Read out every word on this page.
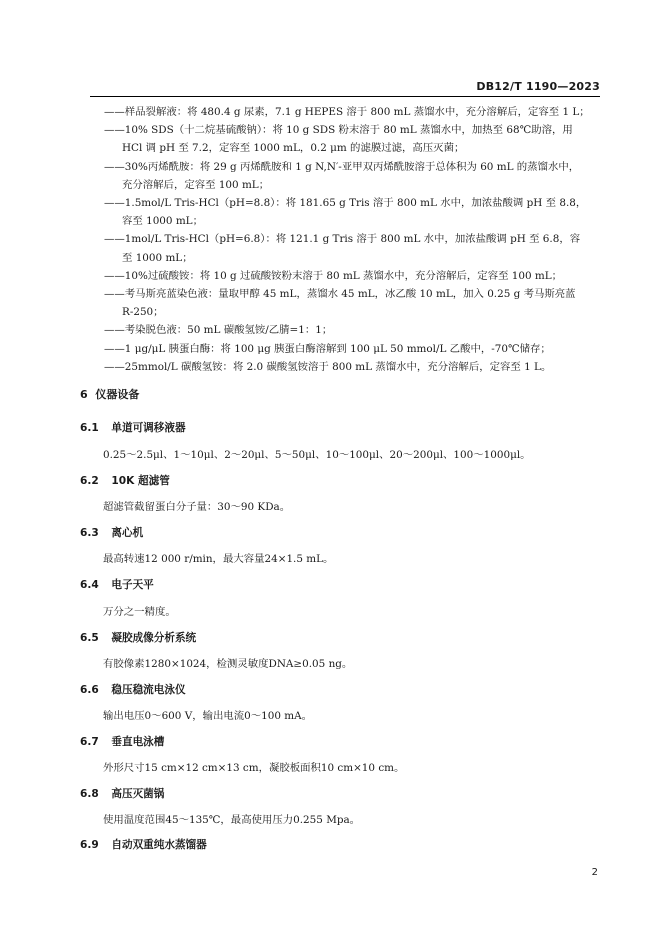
DB12/T 1190—2023

——样品裂解液：将 480.4 g 尿素，7.1 g HEPES 溶于 800 mL 蒸馏水中，充分溶解后，定容至 1 L；

——10% SDS（十二烷基硫酸钠）：将 10 g SDS 粉末溶于 80 mL 蒸馏水中，加热至 68℃助溶，用
HCl 调 pH 至 7.2，定容至 1000 mL，0.2 μm 的滤膜过滤，高压灭菌；

——30%丙烯酰胺：将 29 g 丙烯酰胺和 1 g N,N′-亚甲双丙烯酰胺溶于总体积为 60 mL 的蒸馏水中，
充分溶解后，定容至 100 mL；

——1.5mol/L Tris-HCl（pH=8.8）：将 181.65 g Tris 溶于 800 mL 水中，加浓盐酸调 pH 至 8.8，
容至 1000 mL；

——1mol/L Tris-HCl（pH=6.8）：将 121.1 g Tris 溶于 800 mL 水中，加浓盐酸调 pH 至 6.8，容
至 1000 mL；

——10%过硫酸铵：将 10 g 过硫酸铵粉末溶于 80 mL 蒸馏水中，充分溶解后，定容至 100 mL；

——考马斯亮蓝染色液：量取甲醇 45 mL，蒸馏水 45 mL，冰乙酸 10 mL，加入 0.25 g 考马斯亮蓝
R-250；

——考染脱色液：50 mL 碳酸氢铵/乙腈=1：1；

——1 μg/μL 胰蛋白酶：将 100 μg 胰蛋白酶溶解到 100 μL 50 mmol/L 乙酸中，-70℃储存；

——25mmol/L 碳酸氢铵：将 2.0 碳酸氢铵溶于 800 mL 蒸馏水中，充分溶解后，定容至 1 L。

6 仪器设备
6.1 单道可调移液器
0.25～2.5μl、1～10μl、2～20μl、5～50μl、10～100μl、20～200μl、100～1000μl。
6.2 10K 超滤管
超滤管截留蛋白分子量：30～90 KDa。
6.3 离心机
最高转速12 000 r/min，最大容量24×1.5 mL。
6.4 电子天平
万分之一精度。
6.5 凝胶成像分析系统
有胶像素1280×1024，检测灵敏度DNA≥0.05 ng。
6.6 稳压稳流电泳仪
输出电压0～600 V，输出电流0～100 mA。
6.7 垂直电泳槽
外形尺寸15 cm×12 cm×13 cm，凝胶板面积10 cm×10 cm。
6.8 高压灭菌锅
使用温度范围45～135℃，最高使用压力0.255 Mpa。
6.9 自动双重纯水蒸馏器
2
